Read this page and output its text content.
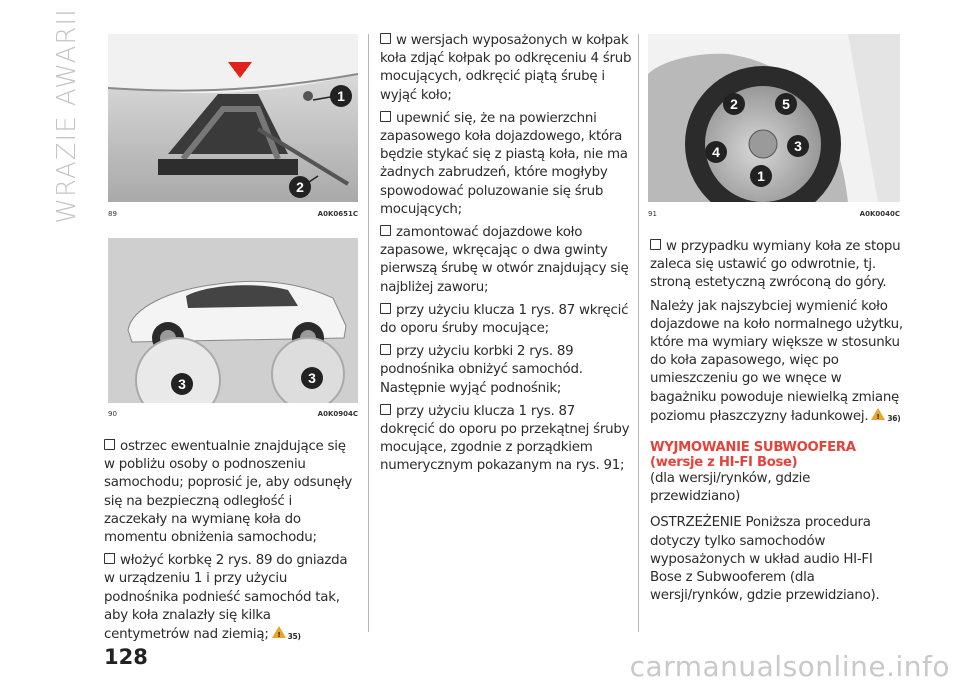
WRAZIE AWARII	1
2
89	A0K0651C
3	3
90	A0K0904C

ostrzec ewentualnie znajdujące się w pobliżu osoby o podnoszeniu samochodu; poprosić je, aby odsunęły się na bezpieczną odległość i zaczekały na wymianę koła do momentu obniżenia samochodu;

włożyć korbkę 2 rys. 89 do gniazda w urządzeniu 1 i przy użyciu podnośnika podnieść samochód tak, aby koła znalazły się kilka centymetrów nad ziemią; ! 35)

w wersjach wyposażonych w kołpak koła zdjąć kołpak po odkręceniu 4 śrub mocujących, odkręcić piątą śrubę i wyjąć koło;

upewnić się, że na powierzchni zapasowego koła dojazdowego, która będzie stykać się z piastą koła, nie ma żadnych zabrudzeń, które mogłyby spowodować poluzowanie się śrub mocujących;

zamontować dojazdowe koło zapasowe, wkręcając o dwa gwinty pierwszą śrubę w otwór znajdujący się najbliżej zaworu;

przy użyciu klucza 1 rys. 87 wkręcić do oporu śruby mocujące;

przy użyciu korbki 2 rys. 89 podnośnika obniżyć samochód. Następnie wyjąć podnośnik;

przy użyciu klucza 1 rys. 87 dokręcić do oporu po przekątnej śruby mocujące, zgodnie z porządkiem numerycznym pokazanym na rys. 91;

2	5
4	3
1
91	A0K0040C

w przypadku wymiany koła ze stopu zaleca się ustawić go odwrotnie, tj. stroną estetyczną zwróconą do góry.

Należy jak najszybciej wymienić koło dojazdowe na koło normalnego użytku, które ma wymiary większe w stosunku do koła zapasowego, więc po umieszczeniu go we wnęce w bagażniku powoduje niewielką zmianę poziomu płaszczyzny ładunkowej. ! 36)

WYJMOWANIE SUBWOOFERA (wersje z HI-FI Bose)

(dla wersji/rynków, gdzie przewidziano)

OSTRZEŻENIE Poniższa procedura dotyczy tylko samochodów wyposażonych w układ audio HI-FI Bose z Subwooferem (dla wersji/rynków, gdzie przewidziano).

128	carmanualsonline.info
